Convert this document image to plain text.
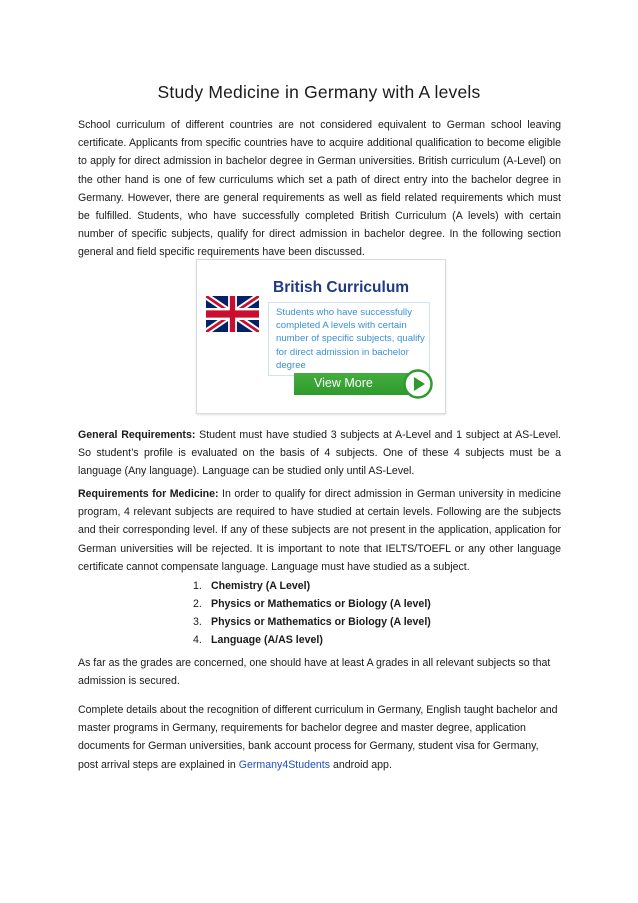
Study Medicine in Germany with A levels

School curriculum of different countries are not considered equivalent to German school leaving certificate. Applicants from specific countries have to acquire additional qualification to become eligible to apply for direct admission in bachelor degree in German universities. British curriculum (A-Level) on the other hand is one of few curriculums which set a path of direct entry into the bachelor degree in Germany. However, there are general requirements as well as field related requirements which must be fulfilled. Students, who have successfully completed British Curriculum (A levels) with certain number of specific subjects, qualify for direct admission in bachelor degree. In the following section general and field specific requirements have been discussed.

British Curriculum

Students who have successfully completed A levels with certain number of specific subjects, qualify for direct admission in bachelor degree

View More

General Requirements: Student must have studied 3 subjects at A-Level and 1 subject at AS-Level. So student’s profile is evaluated on the basis of 4 subjects. One of these 4 subjects must be a language (Any language). Language can be studied only until AS-Level.

Requirements for Medicine: In order to qualify for direct admission in German university in medicine program, 4 relevant subjects are required to have studied at certain levels. Following are the subjects and their corresponding level. If any of these subjects are not present in the application, application for German universities will be rejected. It is important to note that IELTS/TOEFL or any other language certificate cannot compensate language. Language must have studied as a subject.

1. Chemistry (A Level)
2. Physics or Mathematics or Biology (A level)
3. Physics or Mathematics or Biology (A level)
4. Language (A/AS level)

As far as the grades are concerned, one should have at least A grades in all relevant subjects so that admission is secured.

Complete details about the recognition of different curriculum in Germany, English taught bachelor and master programs in Germany, requirements for bachelor degree and master degree, application documents for German universities, bank account process for Germany, student visa for Germany, post arrival steps are explained in Germany4Students android app.
